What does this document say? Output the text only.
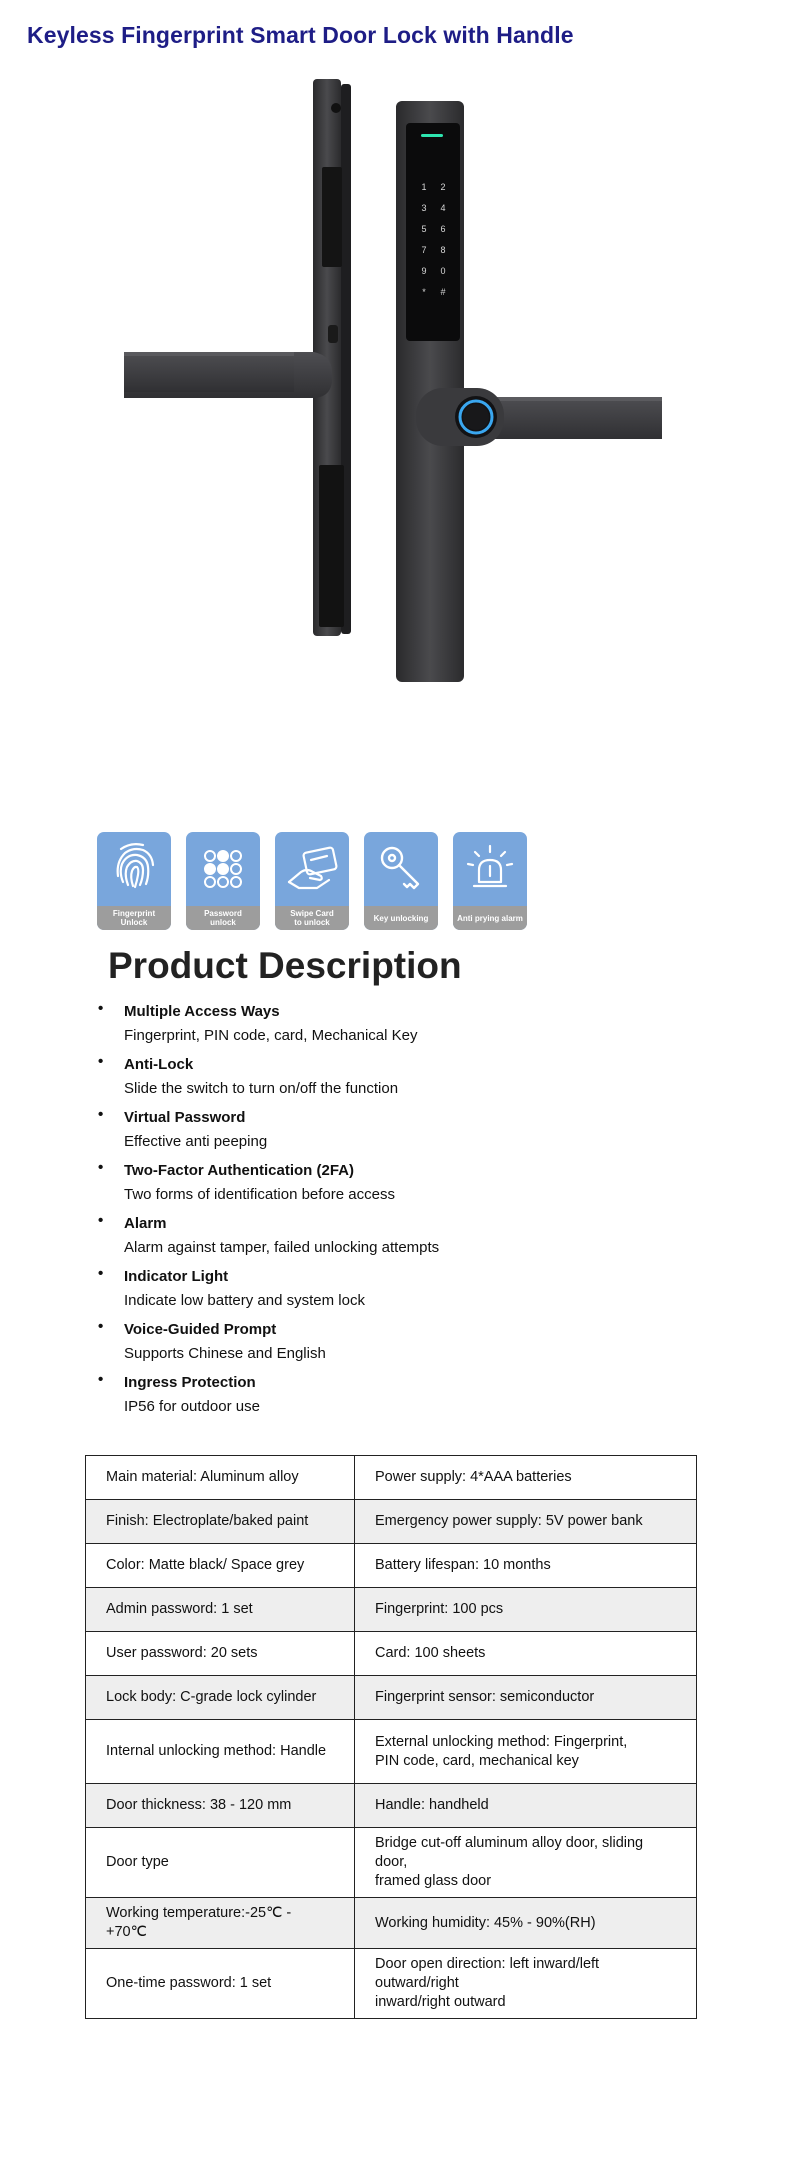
Keyless Fingerprint Smart Door Lock with Handle
1 2
3 4
5 6
7 8
9 0
* #
Fingerprint
Unlock
Password
unlock
Swipe Card
to unlock	Key unlocking	Anti prying alarm
Product Description
• Multiple Access Ways
Fingerprint, PIN code, card, Mechanical Key
• Anti-Lock
Slide the switch to turn on/off the function
• Virtual Password
Effective anti peeping
• Two-Factor Authentication (2FA)
Two forms of identification before access
• Alarm
Alarm against tamper, failed unlocking attempts
• Indicator Light
Indicate low battery and system lock
• Voice-Guided Prompt
Supports Chinese and English
• Ingress Protection
IP56 for outdoor use
Main material: Aluminum alloy	Power supply: 4*AAA batteries
Finish: Electroplate/baked paint	Emergency power supply: 5V power bank
Color: Matte black/ Space grey	Battery lifespan: 10 months
Admin password: 1 set	Fingerprint: 100 pcs
User password: 20 sets	Card: 100 sheets
Lock body: C-grade lock cylinder	Fingerprint sensor: semiconductor
Internal unlocking method: Handle	External unlocking method: Fingerprint,
PIN code, card, mechanical key
Door thickness: 38 - 120 mm	Handle: handheld
Door type	Bridge cut-off aluminum alloy door, sliding door,
framed glass door
Working temperature:-25℃ - +70℃	Working humidity: 45% - 90%(RH)
One-time password: 1 set	Door open direction: left inward/left outward/right
inward/right outward
